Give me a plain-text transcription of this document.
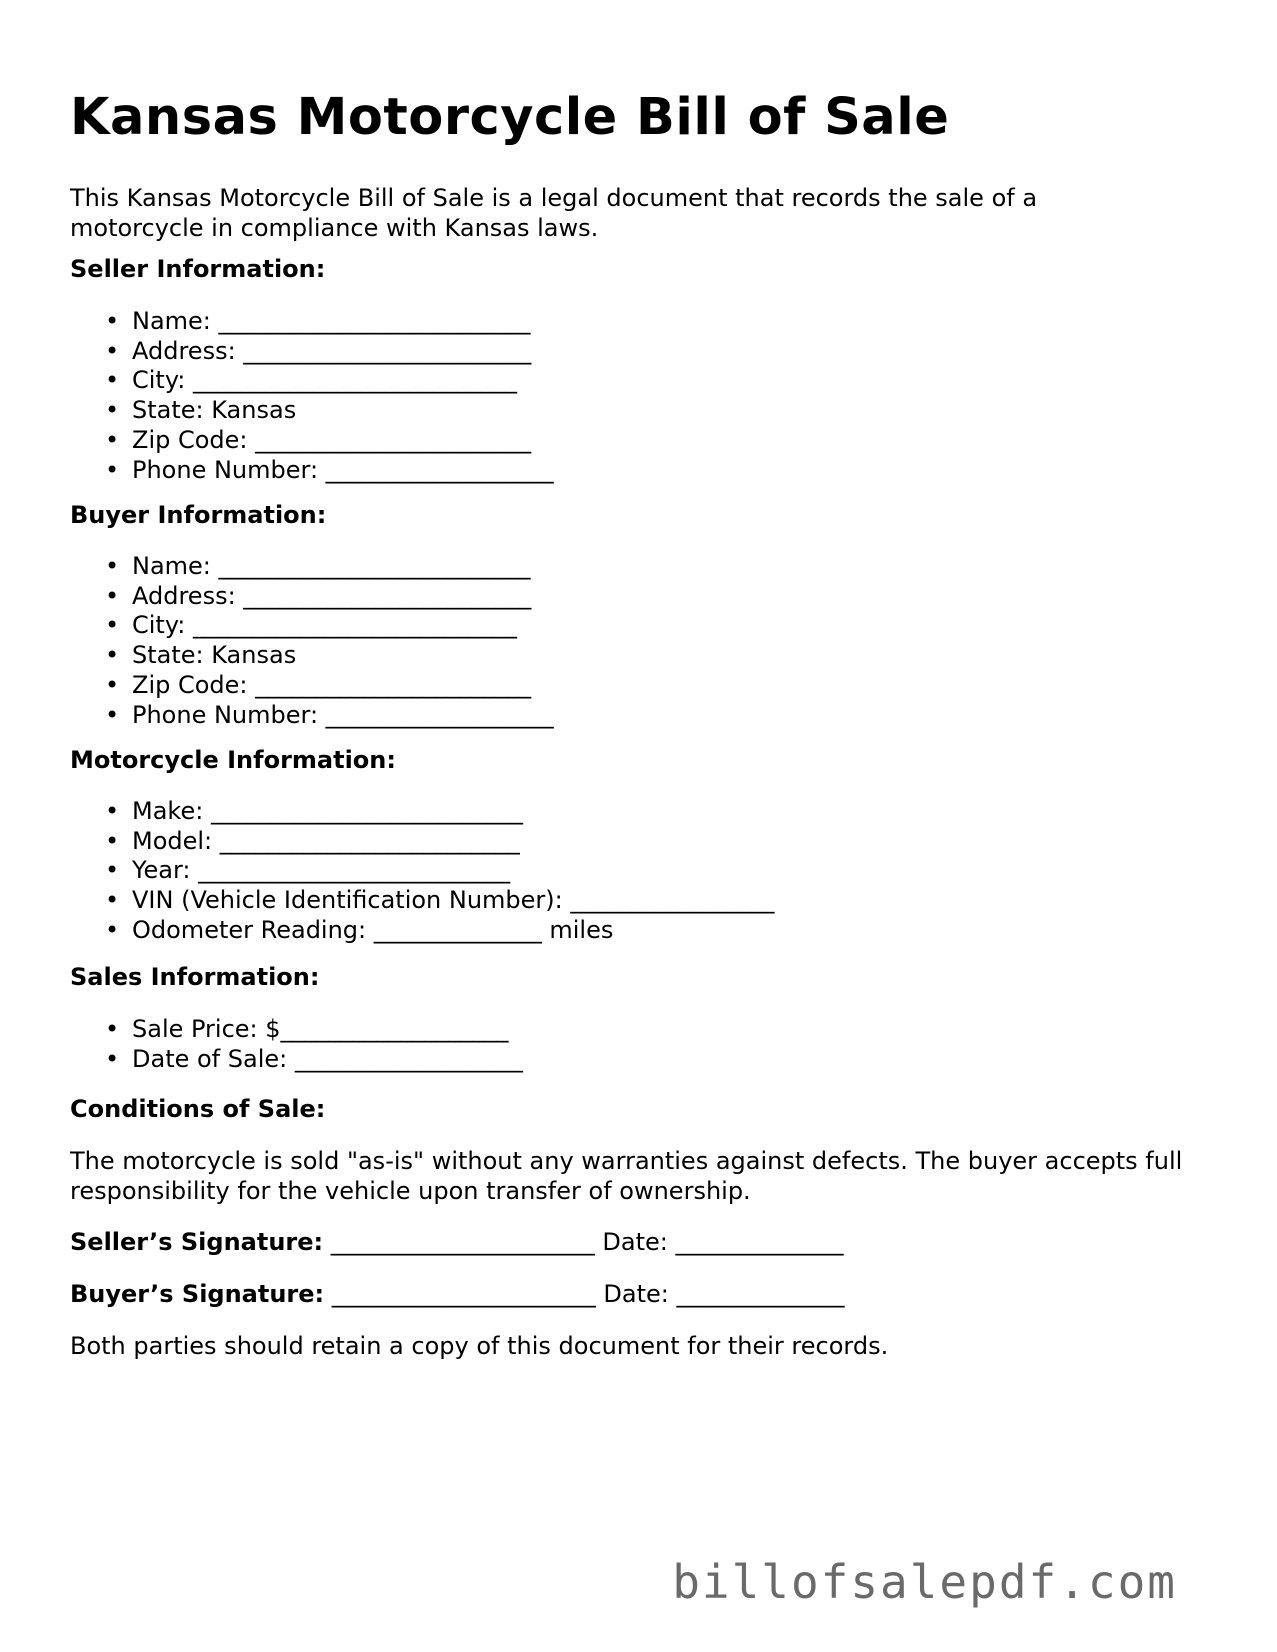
Kansas Motorcycle Bill of Sale

This Kansas Motorcycle Bill of Sale is a legal document that records the sale of a motorcycle in compliance with Kansas laws.

Seller Information:

• Name: __________________________
• Address: ________________________
• City: ___________________________
• State: Kansas
• Zip Code: _______________________
• Phone Number: ___________________

Buyer Information:

• Name: __________________________
• Address: ________________________
• City: ___________________________
• State: Kansas
• Zip Code: _______________________
• Phone Number: ___________________

Motorcycle Information:

• Make: __________________________
• Model: _________________________
• Year: __________________________
• VIN (Vehicle Identification Number): _________________
• Odometer Reading: ______________ miles

Sales Information:

• Sale Price: $___________________
• Date of Sale: ___________________

Conditions of Sale:

The motorcycle is sold "as-is" without any warranties against defects. The buyer accepts full responsibility for the vehicle upon transfer of ownership.

Seller’s Signature: ______________________ Date: ______________

Buyer’s Signature: ______________________ Date: ______________

Both parties should retain a copy of this document for their records.

billofsalepdf.com
